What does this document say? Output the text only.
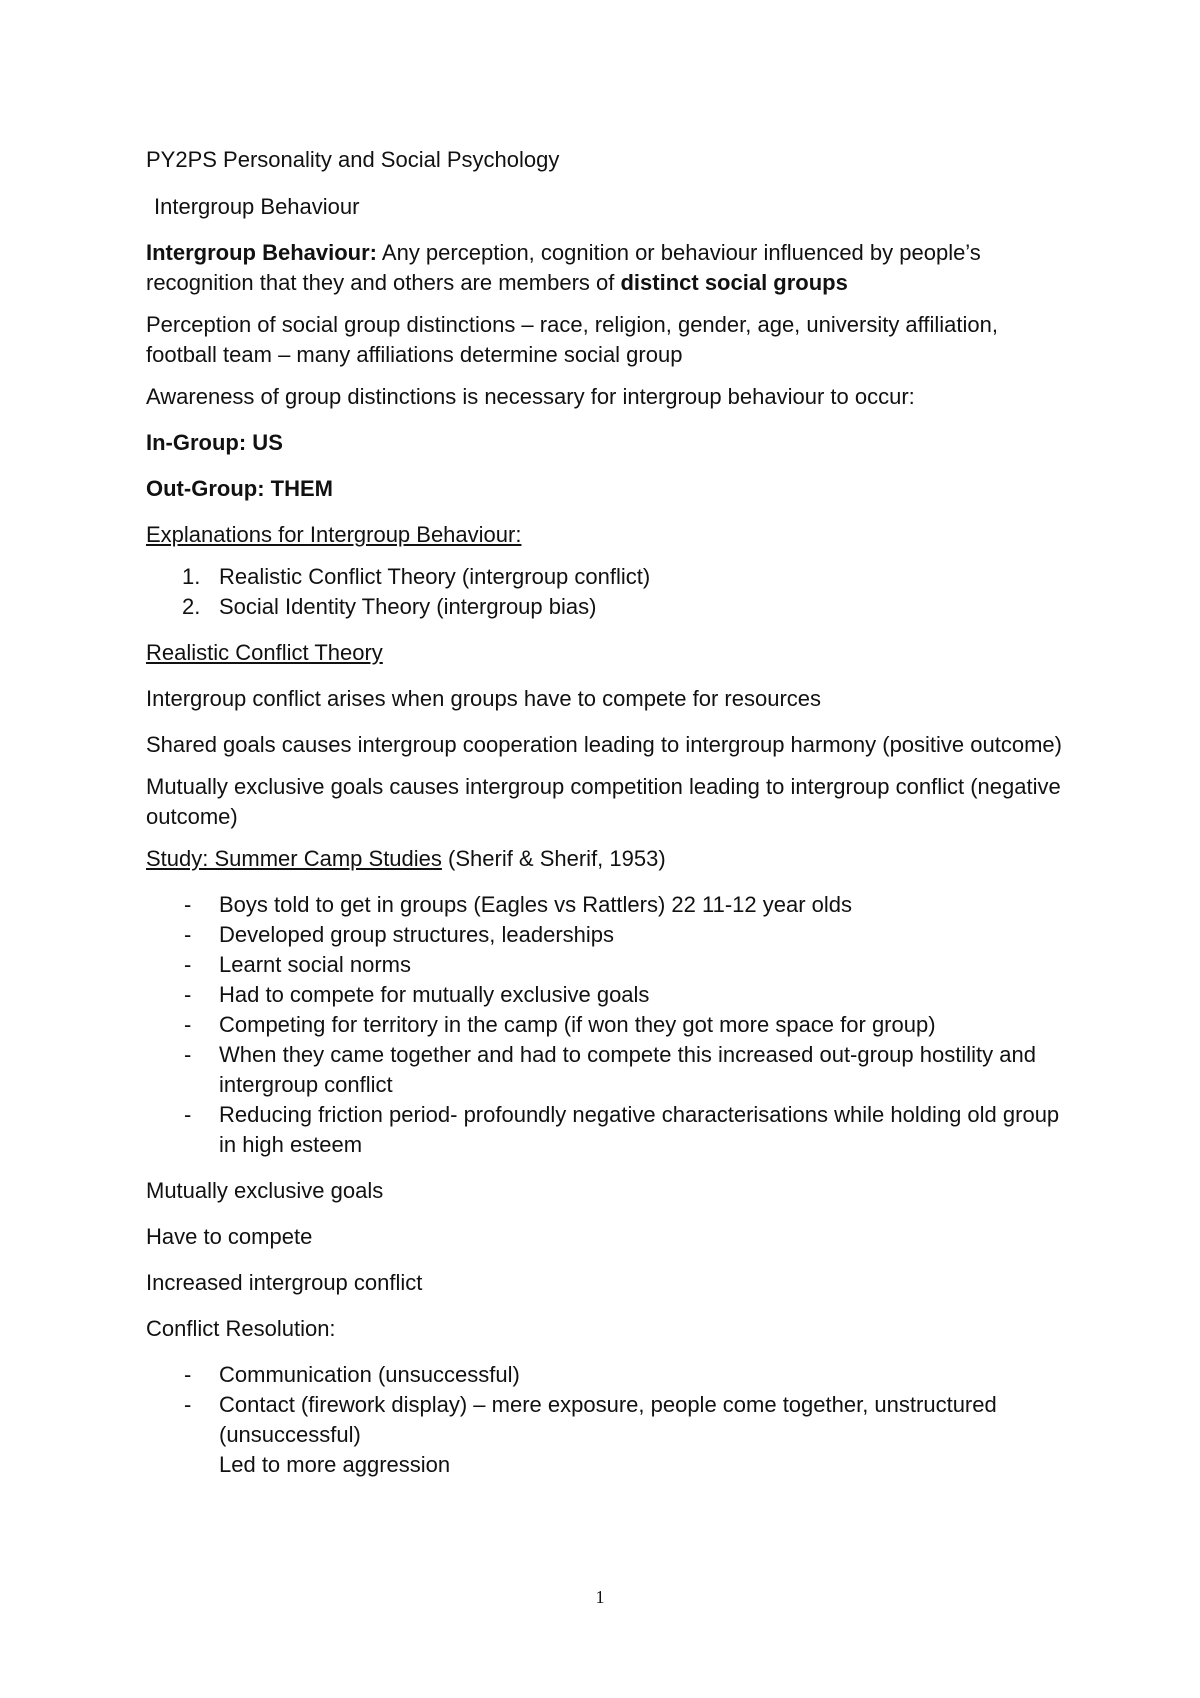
PY2PS Personality and Social Psychology
Intergroup Behaviour
Intergroup Behaviour: Any perception, cognition or behaviour influenced by people’s recognition that they and others are members of distinct social groups
Perception of social group distinctions – race, religion, gender, age, university affiliation, football team – many affiliations determine social group
Awareness of group distinctions is necessary for intergroup behaviour to occur:
In-Group: US
Out-Group: THEM
Explanations for Intergroup Behaviour:
1. Realistic Conflict Theory (intergroup conflict)
2. Social Identity Theory (intergroup bias)
Realistic Conflict Theory
Intergroup conflict arises when groups have to compete for resources
Shared goals causes intergroup cooperation leading to intergroup harmony (positive outcome)
Mutually exclusive goals causes intergroup competition leading to intergroup conflict (negative outcome)
Study: Summer Camp Studies (Sherif & Sherif, 1953)
- Boys told to get in groups (Eagles vs Rattlers) 22 11-12 year olds
- Developed group structures, leaderships
- Learnt social norms
- Had to compete for mutually exclusive goals
- Competing for territory in the camp (if won they got more space for group)
- When they came together and had to compete this increased out-group hostility and intergroup conflict
- Reducing friction period- profoundly negative characterisations while holding old group in high esteem
Mutually exclusive goals
Have to compete
Increased intergroup conflict
Conflict Resolution:
- Communication (unsuccessful)
- Contact (firework display) – mere exposure, people come together, unstructured (unsuccessful)
Led to more aggression
1
